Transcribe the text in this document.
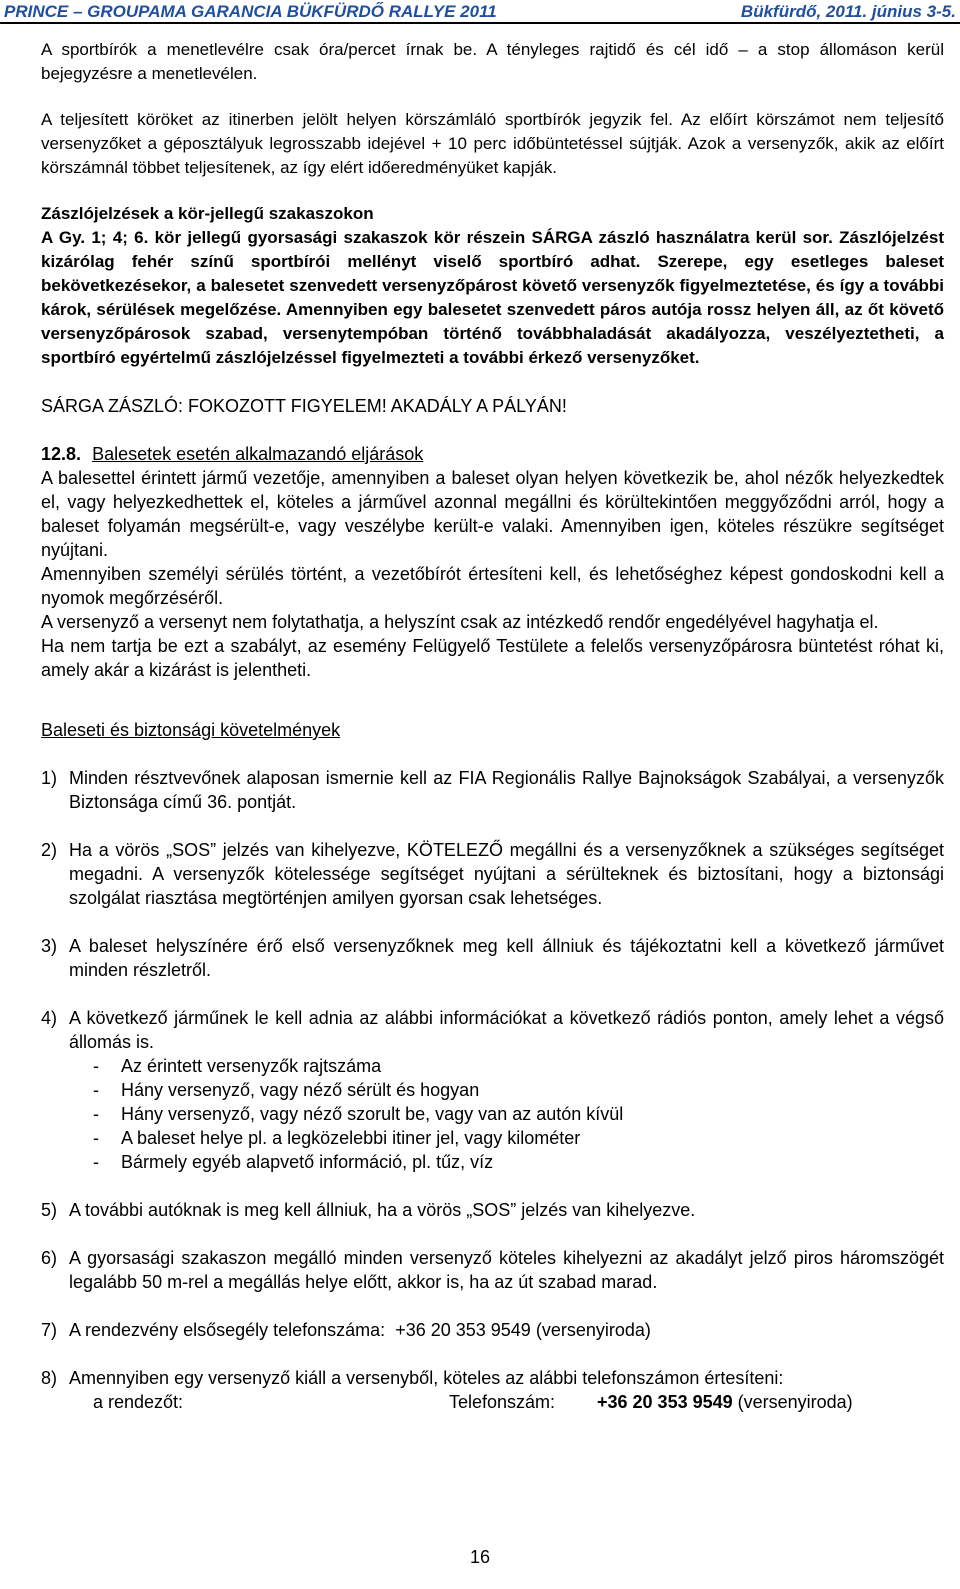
PRINCE – GROUPAMA GARANCIA BÜKFÜRDŐ RALLYE 2011	Bükfürdő, 2011. június 3-5.

A sportbírók a menetlevélre csak óra/percet írnak be. A tényleges rajtidő és cél idő – a stop állomáson kerül bejegyzésre a menetlevélen.

A teljesített köröket az itinerben jelölt helyen körszámláló sportbírók jegyzik fel. Az előírt körszámot nem teljesítő versenyzőket a géposztályuk legrosszabb idejével + 10 perc időbüntetéssel sújtják. Azok a versenyzők, akik az előírt körszámnál többet teljesítenek, az így elért időeredményüket kapják.

Zászlójelzések a kör-jellegű szakaszokon

A Gy. 1; 4; 6. kör jellegű gyorsasági szakaszok kör részein SÁRGA zászló használatra kerül sor. Zászlójelzést kizárólag fehér színű sportbírói mellényt viselő sportbíró adhat. Szerepe, egy esetleges baleset bekövetkezésekor, a balesetet szenvedett versenyzőpárost követő versenyzők figyelmeztetése, és így a további károk, sérülések megelőzése. Amennyiben egy balesetet szenvedett páros autója rossz helyen áll, az őt követő versenyzőpárosok szabad, versenytempóban történő továbbhaladását akadályozza, veszélyeztetheti, a sportbíró egyértelmű zászlójelzéssel figyelmezteti a további érkező versenyzőket.

SÁRGA ZÁSZLÓ: FOKOZOTT FIGYELEM! AKADÁLY A PÁLYÁN!

12.8. Balesetek esetén alkalmazandó eljárások

A balesettel érintett jármű vezetője, amennyiben a baleset olyan helyen következik be, ahol nézők helyezkedtek el, vagy helyezkedhettek el, köteles a járművel azonnal megállni és körültekintően meggyőződni arról, hogy a baleset folyamán megsérült-e, vagy veszélybe került-e valaki. Amennyiben igen, köteles részükre segítséget nyújtani.

Amennyiben személyi sérülés történt, a vezetőbírót értesíteni kell, és lehetőséghez képest gondoskodni kell a nyomok megőrzéséről.

A versenyző a versenyt nem folytathatja, a helyszínt csak az intézkedő rendőr engedélyével hagyhatja el.

Ha nem tartja be ezt a szabályt, az esemény Felügyelő Testülete a felelős versenyzőpárosra büntetést róhat ki, amely akár a kizárást is jelentheti.

Baleseti és biztonsági követelmények

1) Minden résztvevőnek alaposan ismernie kell az FIA Regionális Rallye Bajnokságok Szabályai, a versenyzők Biztonsága című 36. pontját.
2) Ha a vörös „SOS” jelzés van kihelyezve, KÖTELEZŐ megállni és a versenyzőknek a szükséges segítséget megadni. A versenyzők kötelessége segítséget nyújtani a sérülteknek és biztosítani, hogy a biztonsági szolgálat riasztása megtörténjen amilyen gyorsan csak lehetséges.
3) A baleset helyszínére érő első versenyzőknek meg kell állniuk és tájékoztatni kell a következő járművet minden részletről.
4) A következő járműnek le kell adnia az alábbi információkat a következő rádiós ponton, amely lehet a végső állomás is.
-	Az érintett versenyzők rajtszáma
-	Hány versenyző, vagy néző sérült és hogyan
-	Hány versenyző, vagy néző szorult be, vagy van az autón kívül
-	A baleset helye pl. a legközelebbi itiner jel, vagy kilométer
-	Bármely egyéb alapvető információ, pl. tűz, víz
5) A további autóknak is meg kell állniuk, ha a vörös „SOS” jelzés van kihelyezve.
6) A gyorsasági szakaszon megálló minden versenyző köteles kihelyezni az akadályt jelző piros háromszögét legalább 50 m-rel a megállás helye előtt, akkor is, ha az út szabad marad.
7) A rendezvény elsősegély telefonszáma:  +36 20 353 9549 (versenyiroda)
8) Amennyiben egy versenyző kiáll a versenyből, köteles az alábbi telefonszámon értesíteni:
a rendezőt:	Telefonszám:	+36 20 353 9549 (versenyiroda)
16
